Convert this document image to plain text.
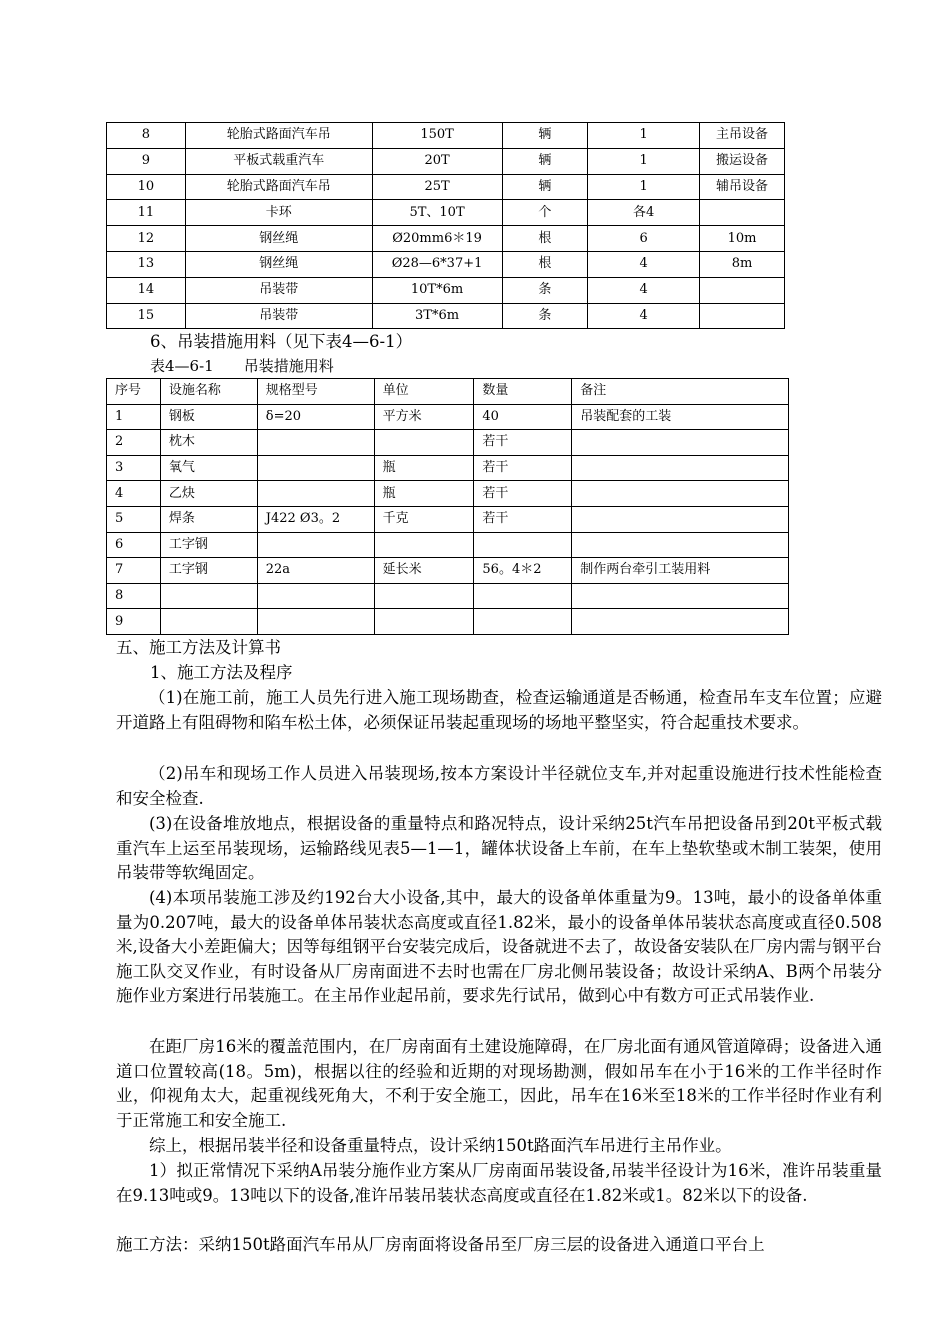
8	轮胎式路面汽车吊	150T	辆	1	主吊设备
9	平板式载重汽车	20T	辆	1	搬运设备
10	轮胎式路面汽车吊	25T	辆	1	辅吊设备
11	卡环	5T、10T	个	各4	
12	钢丝绳	Ø20mm6＊19	根	6	10m
13	钢丝绳	Ø28—6*37+1	根	4	8m
14	吊装带	10T*6m	条	4	
15	吊装带	3T*6m	条	4	
6、吊装措施用料（见下表4—6-1）
表4—6-1　　吊装措施用料
序号	设施名称	规格型号	单位	数量	备注
1	钢板	δ=20	平方米	40	吊装配套的工装
2	枕木			若干	
3	氧气		瓶	若干	
4	乙炔		瓶	若干	
5	焊条	J422 Ø3。2	千克	若干	
6	工字钢				
7	工字钢	22a	延长米	56。4＊2	制作两台牵引工装用料
8					
9					
五、施工方法及计算书
1、施工方法及程序

（1)在施工前，施工人员先行进入施工现场勘查，检查运输通道是否畅通，检查吊车支车位置；应避开道路上有阻碍物和陷车松土体，必须保证吊装起重现场的场地平整坚实，符合起重技术要求。

（2)吊车和现场工作人员进入吊装现场,按本方案设计半径就位支车,并对起重设施进行技术性能检查和安全检查.

(3)在设备堆放地点，根据设备的重量特点和路况特点，设计采纳25t汽车吊把设备吊到20t平板式载重汽车上运至吊装现场，运输路线见表5—1—1，罐体状设备上车前，在车上垫软垫或木制工装架，使用吊装带等软绳固定。

(4)本项吊装施工涉及约192台大小设备,其中，最大的设备单体重量为9。13吨，最小的设备单体重量为0.207吨，最大的设备单体吊装状态高度或直径1.82米，最小的设备单体吊装状态高度或直径0.508米,设备大小差距偏大；因等每组钢平台安装完成后，设备就进不去了，故设备安装队在厂房内需与钢平台施工队交叉作业，有时设备从厂房南面进不去时也需在厂房北侧吊装设备；故设计采纳A、B两个吊装分施作业方案进行吊装施工。在主吊作业起吊前，要求先行试吊，做到心中有数方可正式吊装作业.

在距厂房16米的覆盖范围内，在厂房南面有土建设施障碍，在厂房北面有通风管道障碍；设备进入通道口位置较高(18。5m)，根据以往的经验和近期的对现场勘测，假如吊车在小于16米的工作半径时作业，仰视角太大，起重视线死角大，不利于安全施工，因此，吊车在16米至18米的工作半径时作业有利于正常施工和安全施工.

综上，根据吊装半径和设备重量特点，设计采纳150t路面汽车吊进行主吊作业。

1）拟正常情况下采纳A吊装分施作业方案从厂房南面吊装设备,吊装半径设计为16米，准许吊装重量在9.13吨或9。13吨以下的设备,准许吊装吊装状态高度或直径在1.82米或1。82米以下的设备.

施工方法：采纳150t路面汽车吊从厂房南面将设备吊至厂房三层的设备进入通道口平台上
